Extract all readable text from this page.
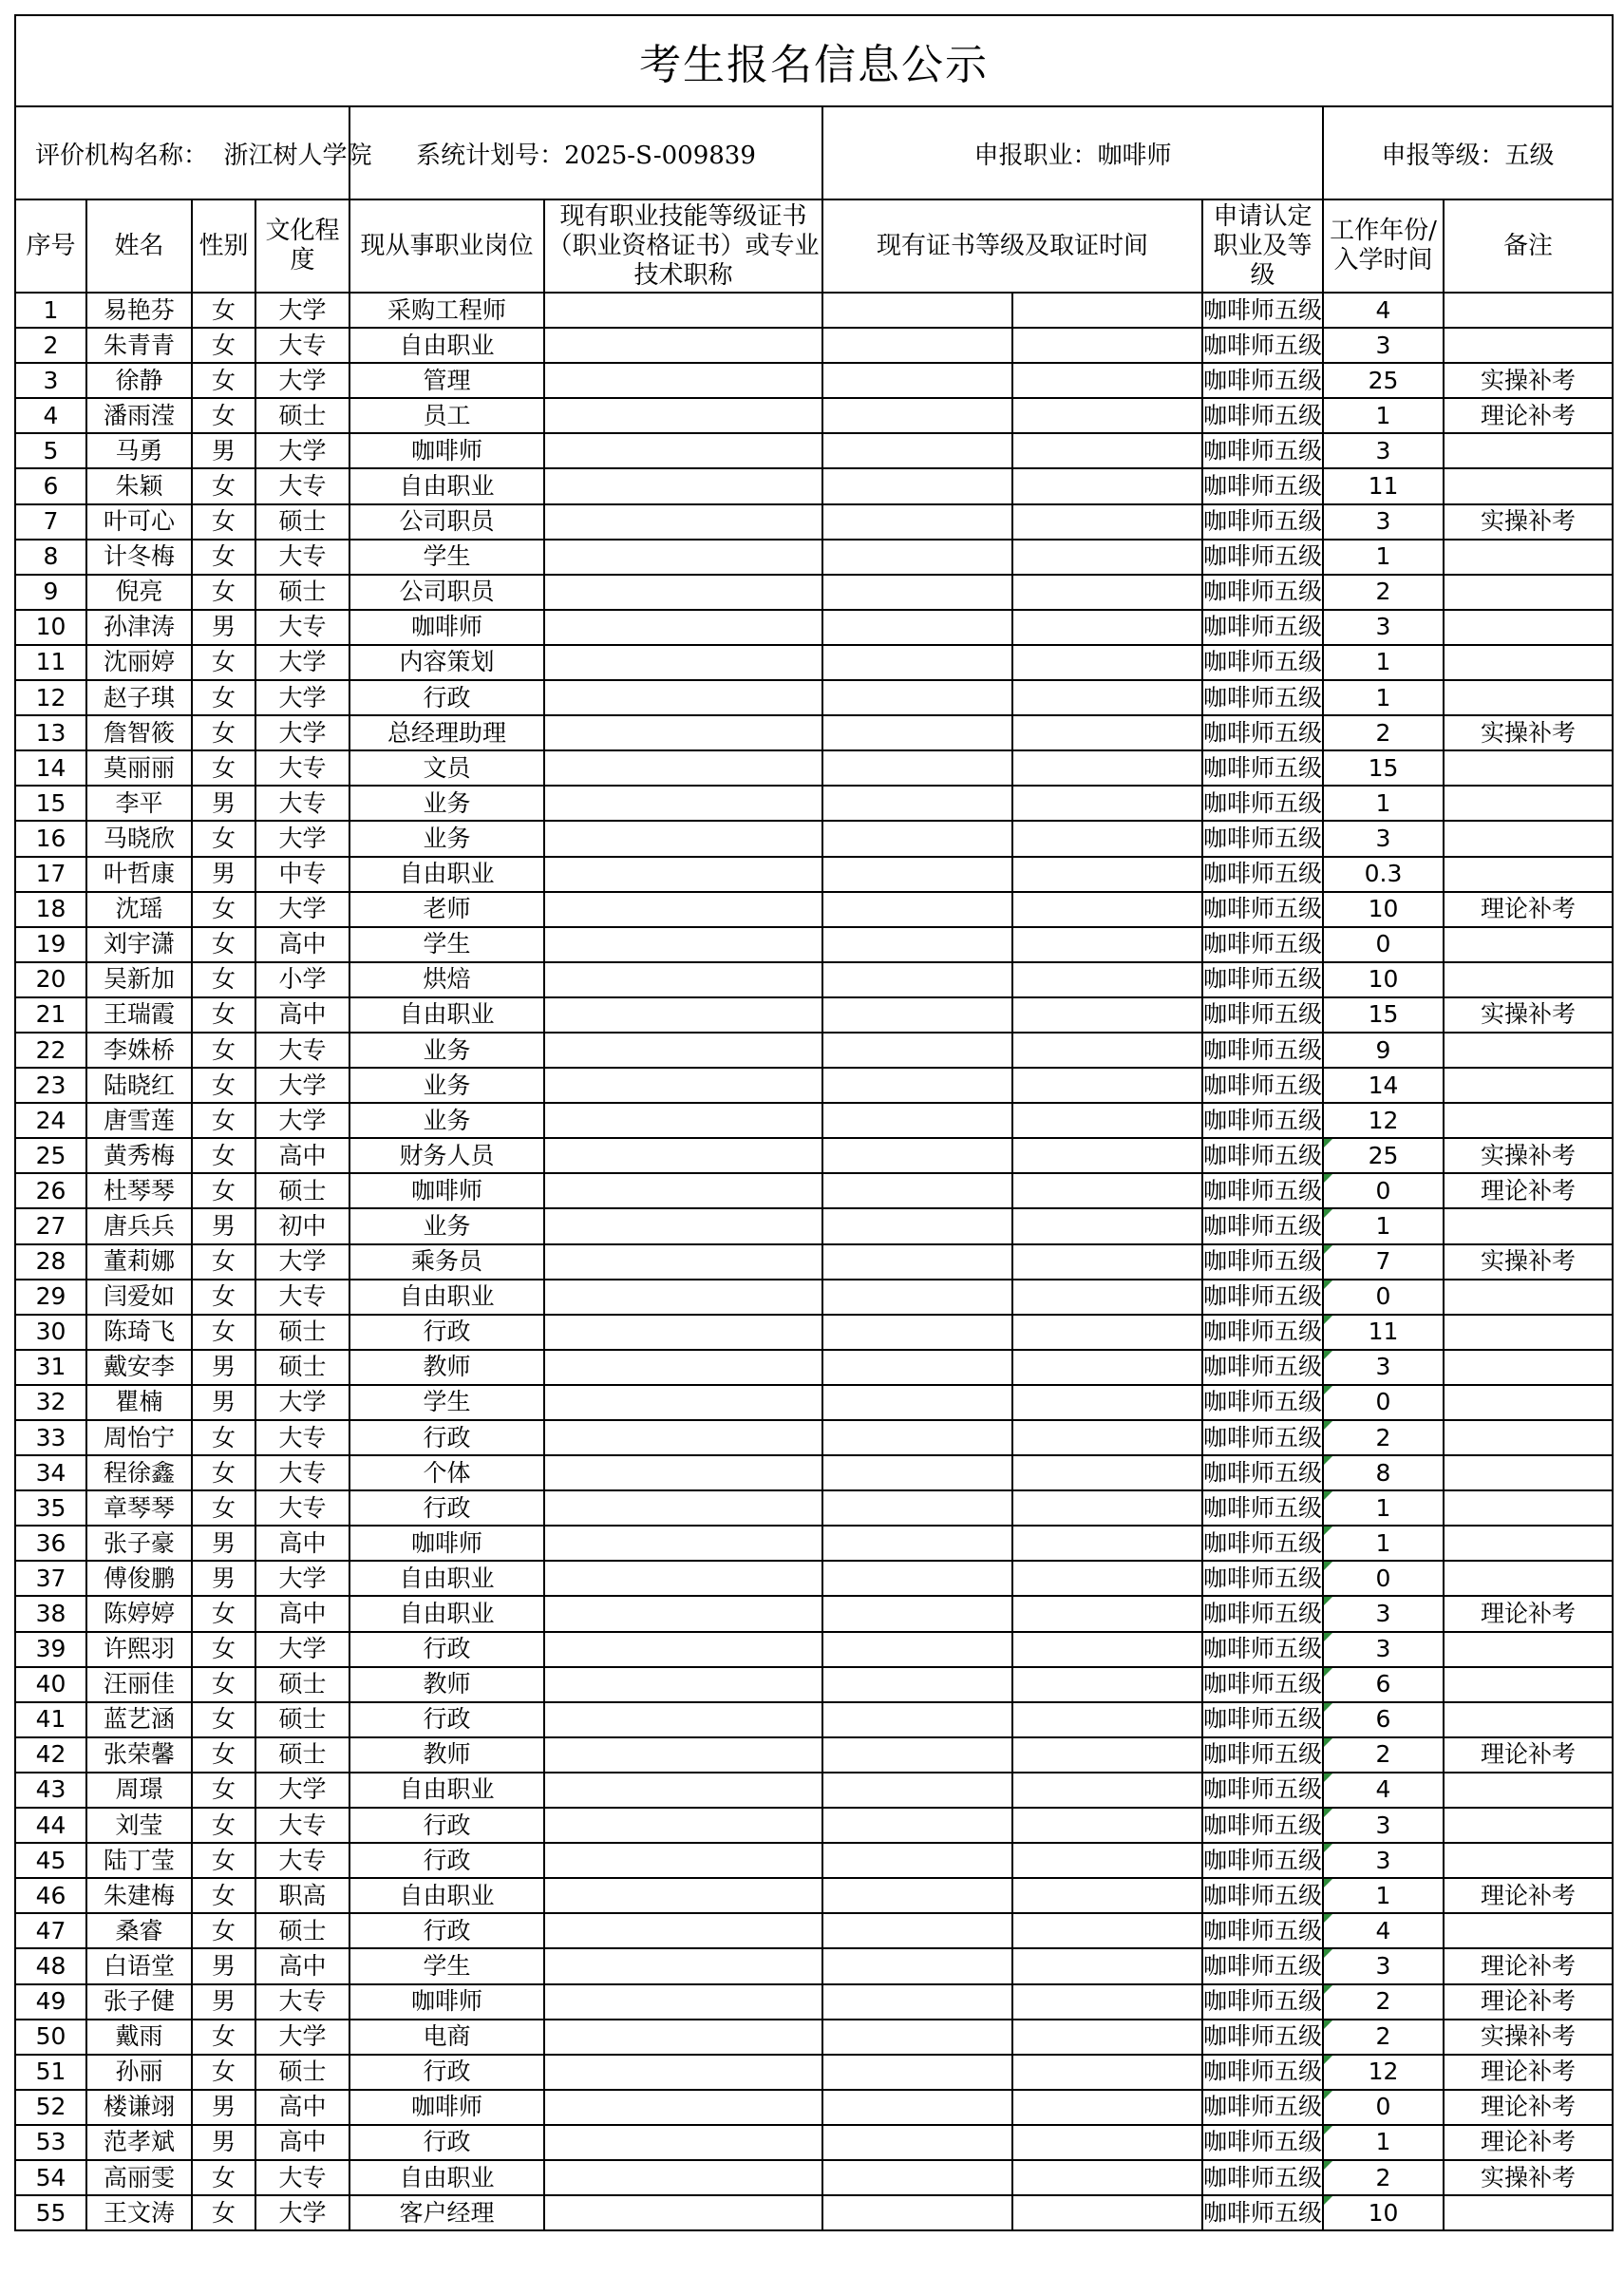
考生报名信息公示										
评价机构名称： 浙江树人学院				系统计划号：2025-S-009839		申报职业：咖啡师			申报等级：五级	
序号	姓名	性别	文化程度	现从事职业岗位	现有职业技能等级证书（职业资格证书）或专业技术职称	现有证书等级及取证时间		申请认定职业及等级	工作年份/入学时间	备注
1	易艳芬	女	大学	采购工程师				咖啡师五级	4	
2	朱青青	女	大专	自由职业				咖啡师五级	3	
3	徐静	女	大学	管理				咖啡师五级	25	实操补考
4	潘雨滢	女	硕士	员工				咖啡师五级	1	理论补考
5	马勇	男	大学	咖啡师				咖啡师五级	3	
6	朱颖	女	大专	自由职业				咖啡师五级	11	
7	叶可心	女	硕士	公司职员				咖啡师五级	3	实操补考
8	计冬梅	女	大专	学生				咖啡师五级	1	
9	倪亮	女	硕士	公司职员				咖啡师五级	2	
10	孙津涛	男	大专	咖啡师				咖啡师五级	3	
11	沈丽婷	女	大学	内容策划				咖啡师五级	1	
12	赵子琪	女	大学	行政				咖啡师五级	1	
13	詹智筱	女	大学	总经理助理				咖啡师五级	2	实操补考
14	莫丽丽	女	大专	文员				咖啡师五级	15	
15	李平	男	大专	业务				咖啡师五级	1	
16	马晓欣	女	大学	业务				咖啡师五级	3	
17	叶哲康	男	中专	自由职业				咖啡师五级	0.3	
18	沈瑶	女	大学	老师				咖啡师五级	10	理论补考
19	刘宇潇	女	高中	学生				咖啡师五级	0	
20	吴新加	女	小学	烘焙				咖啡师五级	10	
21	王瑞霞	女	高中	自由职业				咖啡师五级	15	实操补考
22	李姝桥	女	大专	业务				咖啡师五级	9	
23	陆晓红	女	大学	业务				咖啡师五级	14	
24	唐雪莲	女	大学	业务				咖啡师五级	12	
25	黄秀梅	女	高中	财务人员				咖啡师五级	25	实操补考
26	杜琴琴	女	硕士	咖啡师				咖啡师五级	0	理论补考
27	唐兵兵	男	初中	业务				咖啡师五级	1	
28	董莉娜	女	大学	乘务员				咖啡师五级	7	实操补考
29	闫爱如	女	大专	自由职业				咖啡师五级	0	
30	陈琦飞	女	硕士	行政				咖啡师五级	11	
31	戴安李	男	硕士	教师				咖啡师五级	3	
32	瞿楠	男	大学	学生				咖啡师五级	0	
33	周怡宁	女	大专	行政				咖啡师五级	2	
34	程徐鑫	女	大专	个体				咖啡师五级	8	
35	章琴琴	女	大专	行政				咖啡师五级	1	
36	张子豪	男	高中	咖啡师				咖啡师五级	1	
37	傅俊鹏	男	大学	自由职业				咖啡师五级	0	
38	陈婷婷	女	高中	自由职业				咖啡师五级	3	理论补考
39	许熙羽	女	大学	行政				咖啡师五级	3	
40	汪丽佳	女	硕士	教师				咖啡师五级	6	
41	蓝艺涵	女	硕士	行政				咖啡师五级	6	
42	张荣馨	女	硕士	教师				咖啡师五级	2	理论补考
43	周璟	女	大学	自由职业				咖啡师五级	4	
44	刘莹	女	大专	行政				咖啡师五级	3	
45	陆丁莹	女	大专	行政				咖啡师五级	3	
46	朱建梅	女	职高	自由职业				咖啡师五级	1	理论补考
47	桑睿	女	硕士	行政				咖啡师五级	4	
48	白语堂	男	高中	学生				咖啡师五级	3	理论补考
49	张子健	男	大专	咖啡师				咖啡师五级	2	理论补考
50	戴雨	女	大学	电商				咖啡师五级	2	实操补考
51	孙丽	女	硕士	行政				咖啡师五级	12	理论补考
52	楼谦翊	男	高中	咖啡师				咖啡师五级	0	理论补考
53	范孝斌	男	高中	行政				咖啡师五级	1	理论补考
54	高丽雯	女	大专	自由职业				咖啡师五级	2	实操补考
55	王文涛	女	大学	客户经理				咖啡师五级	10	
